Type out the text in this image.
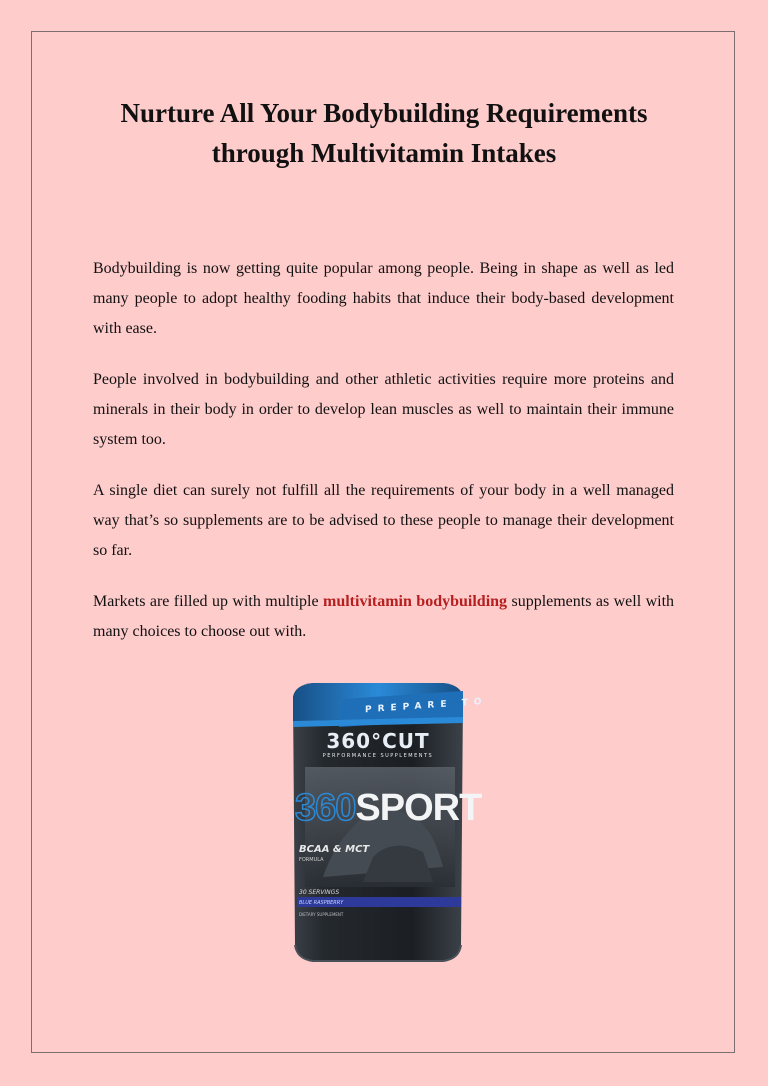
Nurture All Your Bodybuilding Requirements through Multivitamin Intakes

Bodybuilding is now getting quite popular among people. Being in shape as well as led many people to adopt healthy fooding habits that induce their body-based development with ease.

People involved in bodybuilding and other athletic activities require more proteins and minerals in their body in order to develop lean muscles as well to maintain their immune system too.

A single diet can surely not fulfill all the requirements of your body in a well managed way that’s so supplements are to be advised to these people to manage their development so far.

Markets are filled up with multiple multivitamin bodybuilding supplements as well with many choices to choose out with.

PREPARE TO
360°CUT
PERFORMANCE SUPPLEMENTS
360SPORT
BCAA & MCT
FORMULA
30 SERVINGS
BLUE RASPBERRY
DIETARY SUPPLEMENT
